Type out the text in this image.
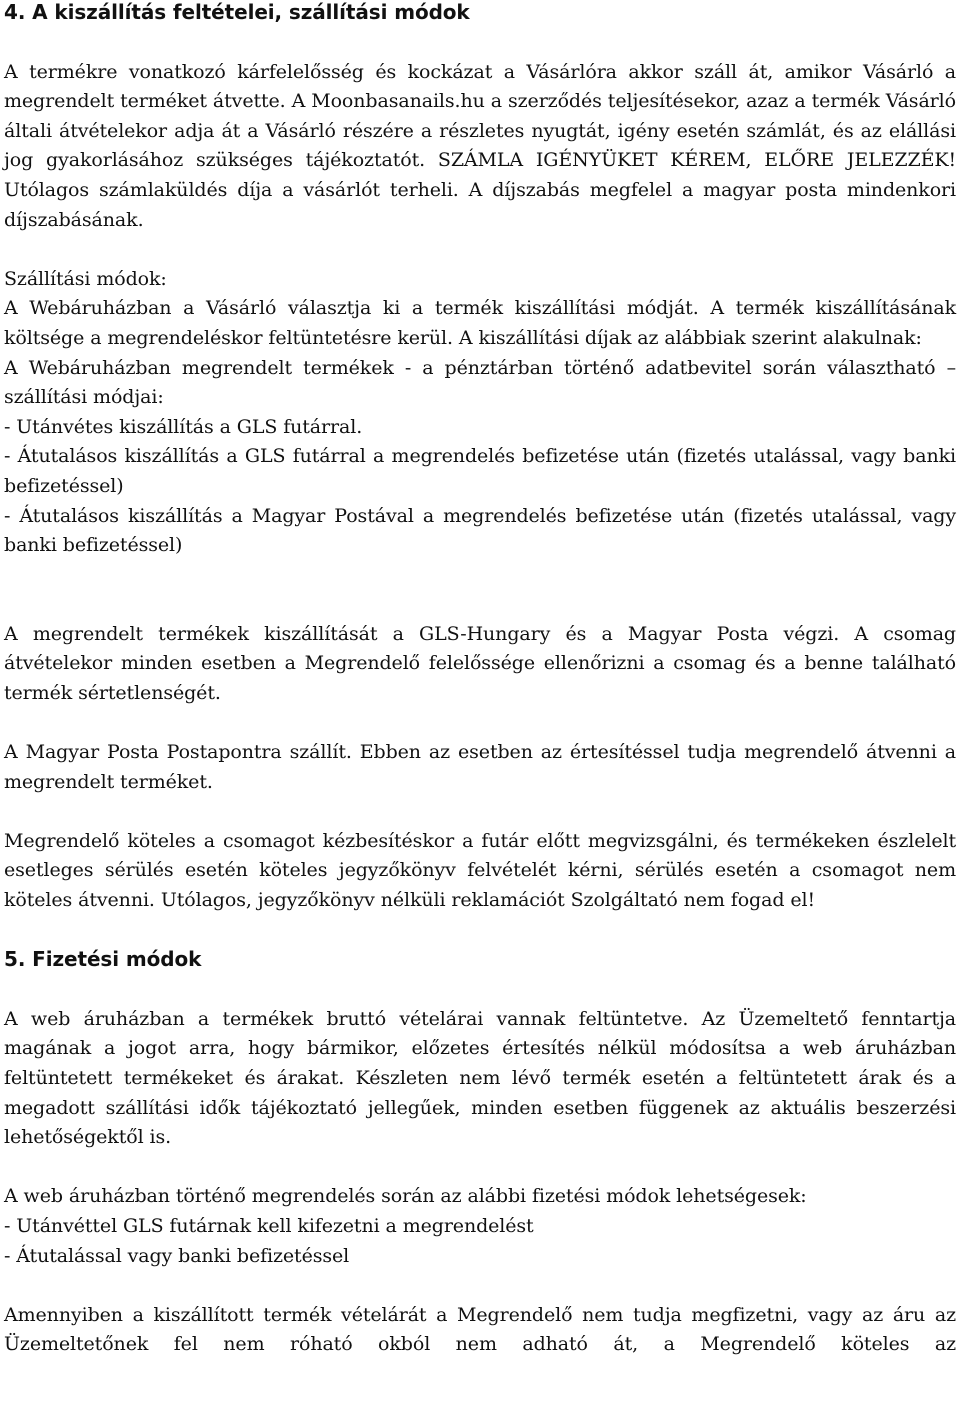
4. A kiszállítás feltételei, szállítási módok

A termékre vonatkozó kárfelelősség és kockázat a Vásárlóra akkor száll át, amikor Vásárló a megrendelt terméket átvette. A Moonbasanails.hu a szerződés teljesítésekor, azaz a termék Vásárló általi átvételekor adja át a Vásárló részére a részletes nyugtát, igény esetén számlát, és az elállási jog gyakorlásához szükséges tájékoztatót. SZÁMLA IGÉNYÜKET KÉREM, ELŐRE JELEZZÉK! Utólagos számlaküldés díja a vásárlót terheli. A díjszabás megfelel a magyar posta mindenkori díjszabásának.

Szállítási módok:

A Webáruházban a Vásárló választja ki a termék kiszállítási módját. A termék kiszállításának költsége a megrendeléskor feltüntetésre kerül. A kiszállítási díjak az alábbiak szerint alakulnak:

A Webáruházban megrendelt termékek - a pénztárban történő adatbevitel során választható – szállítási módjai:

- Utánvétes kiszállítás a GLS futárral.

- Átutalásos kiszállítás a GLS futárral a megrendelés befizetése után (fizetés utalással, vagy banki befizetéssel)

- Átutalásos kiszállítás a Magyar Postával a megrendelés befizetése után (fizetés utalással, vagy banki befizetéssel)

A megrendelt termékek kiszállítását a GLS-Hungary és a Magyar Posta végzi. A csomag átvételekor minden esetben a Megrendelő felelőssége ellenőrizni a csomag és a benne található termék sértetlenségét.

A Magyar Posta Postapontra szállít. Ebben az esetben az értesítéssel tudja megrendelő átvenni a megrendelt terméket.

Megrendelő köteles a csomagot kézbesítéskor a futár előtt megvizsgálni, és termékeken észlelelt esetleges sérülés esetén köteles jegyzőkönyv felvételét kérni, sérülés esetén a csomagot nem köteles átvenni. Utólagos, jegyzőkönyv nélküli reklamációt Szolgáltató nem fogad el!

5. Fizetési módok

A web áruházban a termékek bruttó vételárai vannak feltüntetve. Az Üzemeltető fenntartja magának a jogot arra, hogy bármikor, előzetes értesítés nélkül módosítsa a web áruházban feltüntetett termékeket és árakat. Készleten nem lévő termék esetén a feltüntetett árak és a megadott szállítási idők tájékoztató jellegűek, minden esetben függenek az aktuális beszerzési lehetőségektől is.

A web áruházban történő megrendelés során az alábbi fizetési módok lehetségesek:
- Utánvéttel GLS futárnak kell kifezetni a megrendelést
- Átutalással vagy banki befizetéssel

Amennyiben a kiszállított termék vételárát a Megrendelő nem tudja megfizetni, vagy az áru az Üzemeltetőnek fel nem róható okból nem adható át, a Megrendelő köteles az
